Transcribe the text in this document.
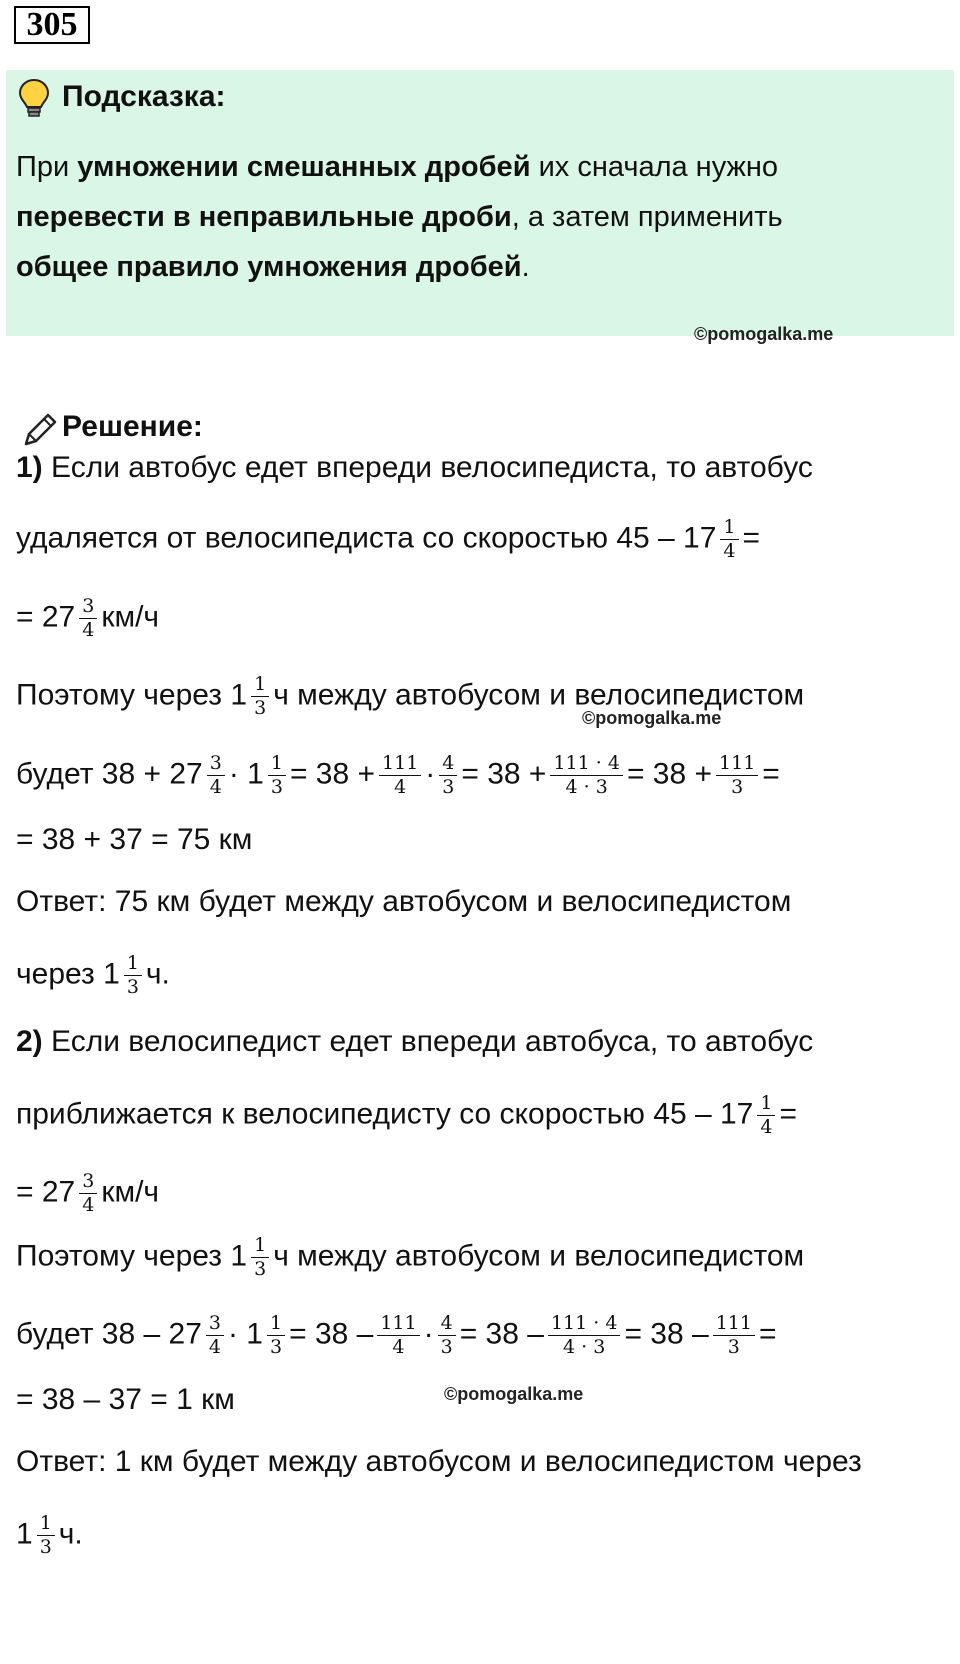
305
Подсказка:
При умножении смешанных дробей их сначала нужно
перевести в неправильные дроби, а затем применить
общее правило умножения дробей.
©pomogalka.me
Решение:
1) Если автобус едет впереди велосипедиста, то автобус
удаляется от велосипедиста со скоростью $45 - 17 \frac{1}{4}$ =
= $27 \frac{3}{4} км/ч$
Поэтому через $1 \frac{1}{3}$ ч между автобусом и велосипедистом
©pomogalka.me
будет $38 + 27 \frac{3}{4} \cdot 1 \frac{1}{3} = 38 + \frac{111}{4} \cdot \frac{4}{3} = 38 + \frac{111 \cdot 4}{4 \cdot 3} = 38 + \frac{111}{3}$ =
= 38 + 37 = 75 км
Ответ: 75 км будет между автобусом и велосипедистом
через $1 \frac{1}{3} ч$.
2) Если велосипедист едет впереди автобуса, то автобус
приближается к велосипедисту со скоростью $45 - 17 \frac{1}{4}$ =
= $27 \frac{3}{4} км/ч$
Поэтому через $1 \frac{1}{3}$ ч между автобусом и велосипедистом
будет $38 - 27 \frac{3}{4} \cdot 1 \frac{1}{3} = 38 - \frac{111}{4} \cdot \frac{4}{3} = 38 - \frac{111 \cdot 4}{4 \cdot 3} = 38 - \frac{111}{3}$ =
= 38 – 37 = 1 км	©pomogalka.me
Ответ: 1 км будет между автобусом и велосипедистом через
$1 \frac{1}{3} ч$.
